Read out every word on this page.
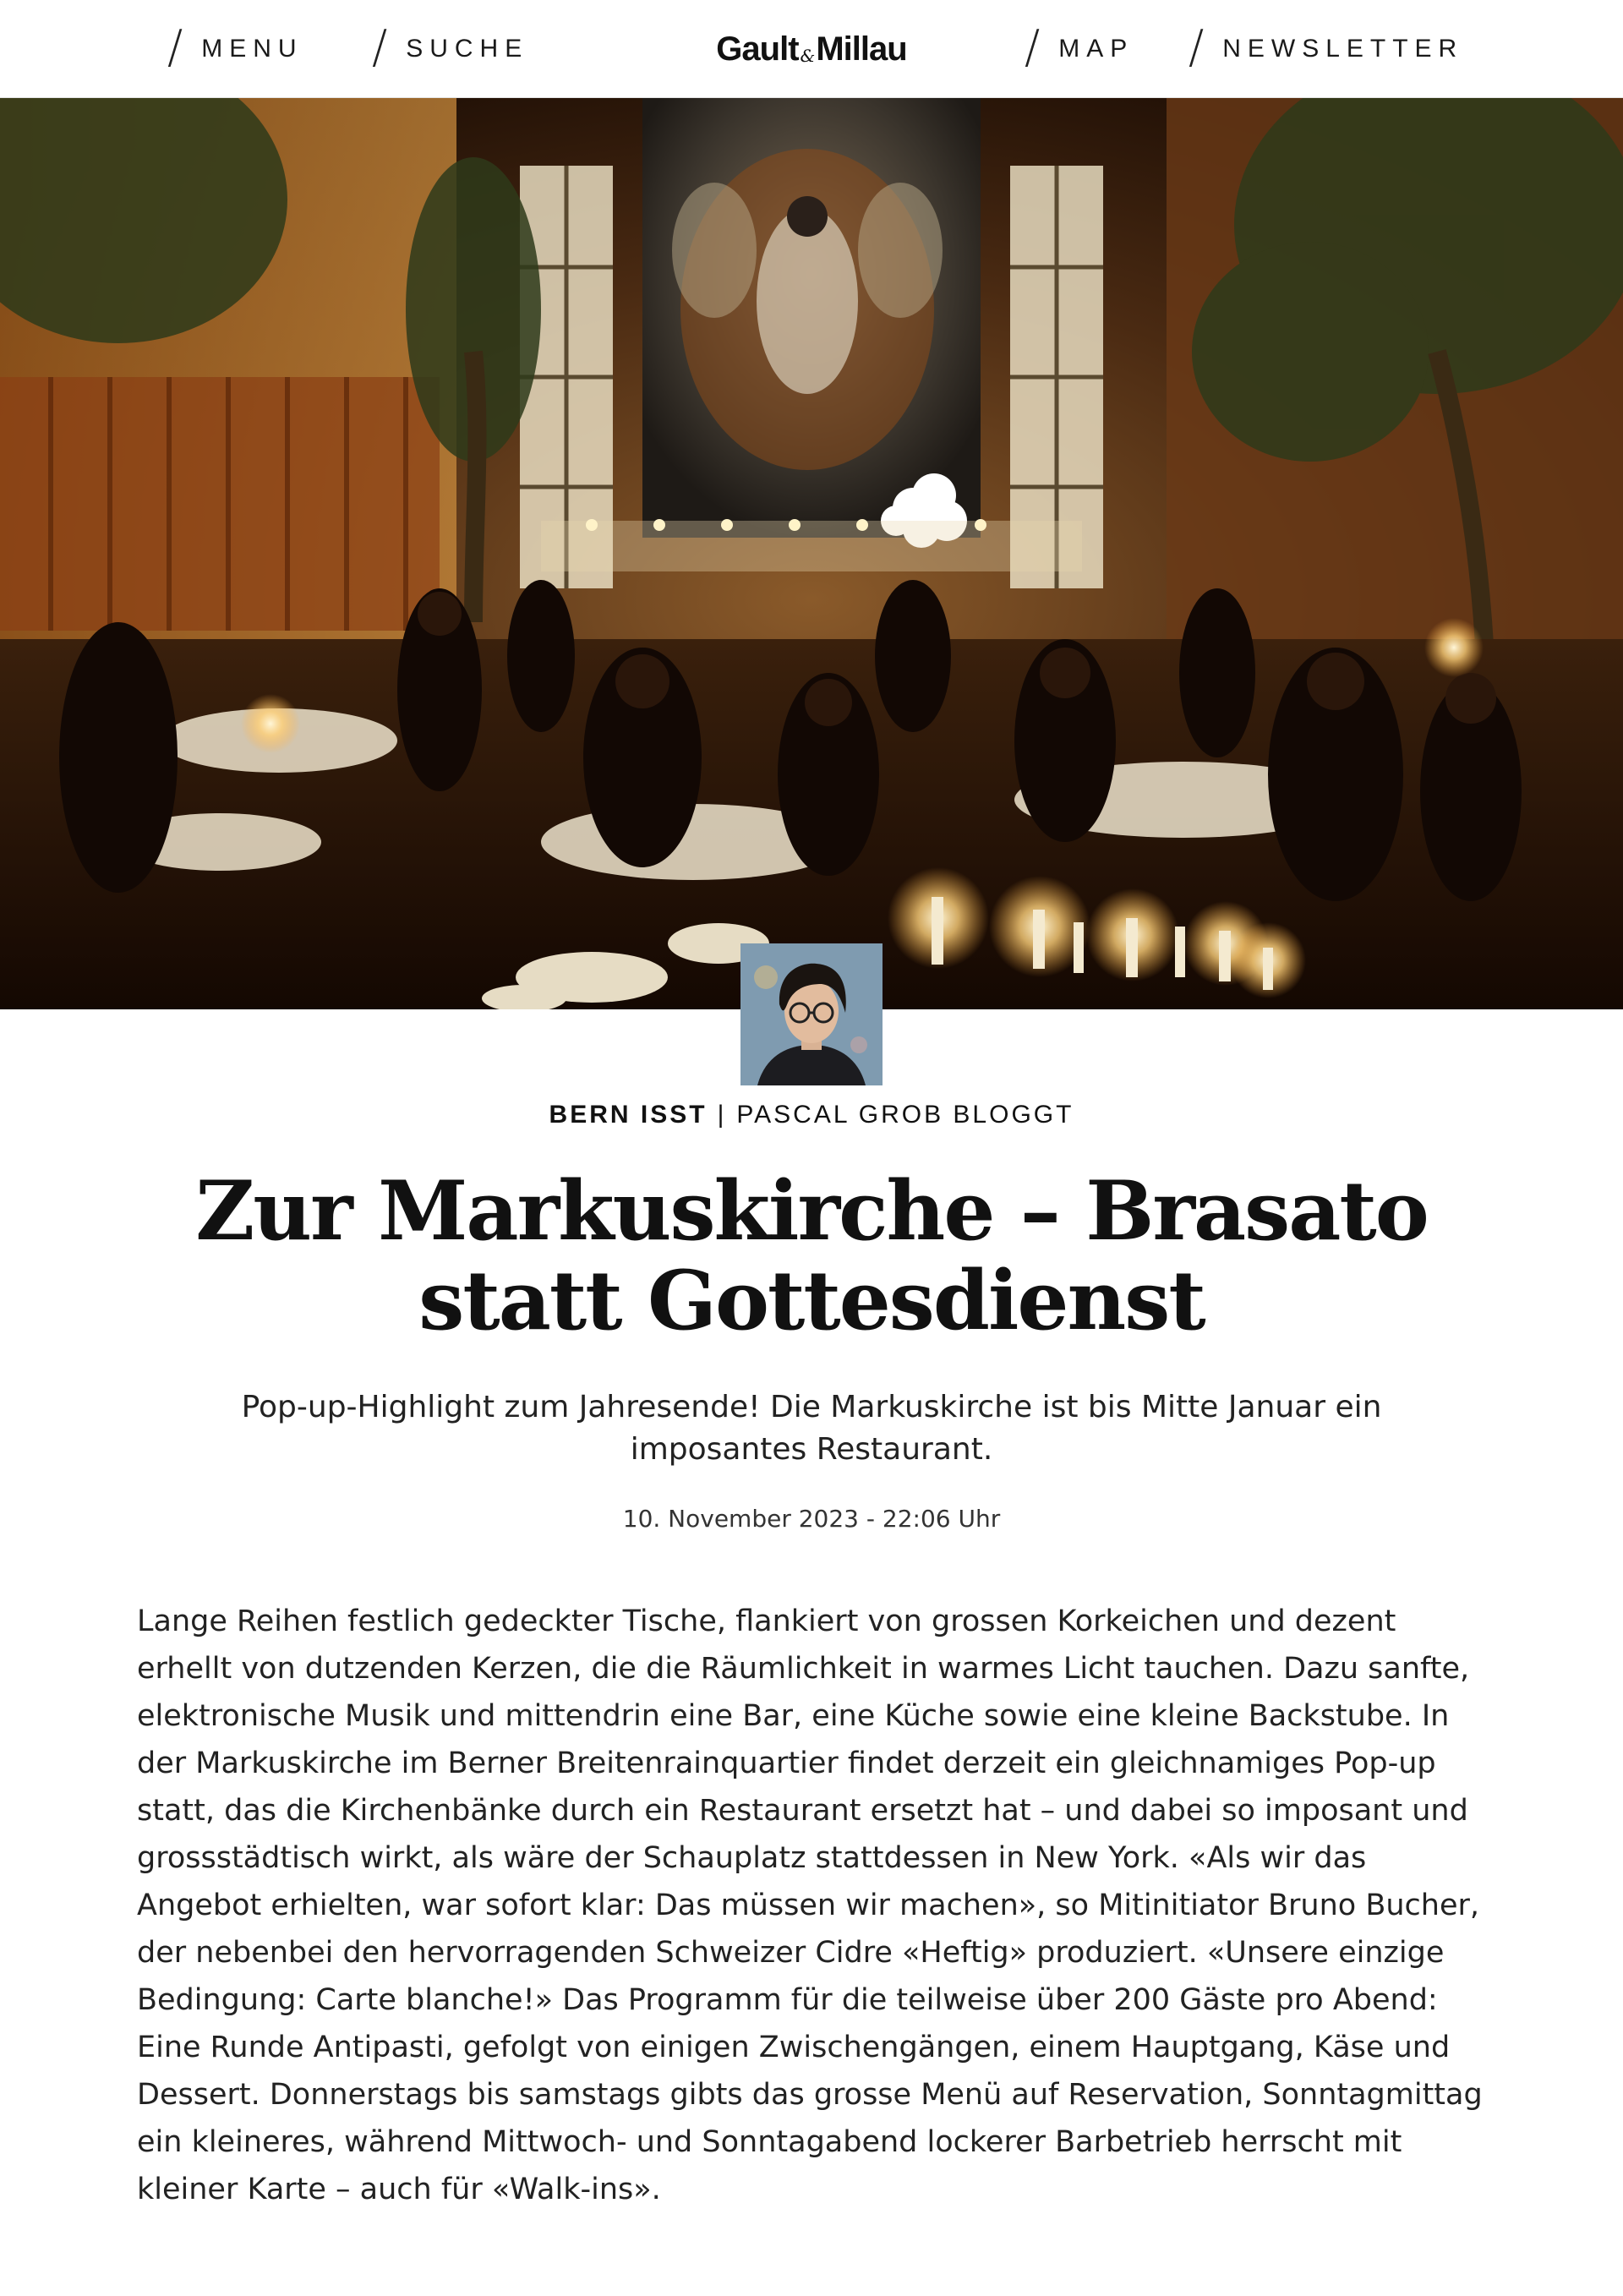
/ MENU / SUCHE	Gault & Millau	/ MAP / NEWSLETTER
BERN ISST | PASCAL GROB BLOGGT
Zur Markuskirche – Brasato statt Gottesdienst

Pop-up-Highlight zum Jahresende! Die Markuskirche ist bis Mitte Januar ein imposantes Restaurant.

10. November 2023 - 22:06 Uhr

Lange Reihen festlich gedeckter Tische, flankiert von grossen Korkeichen und dezent erhellt von dutzenden Kerzen, die die Räumlichkeit in warmes Licht tauchen. Dazu sanfte, elektronische Musik und mittendrin eine Bar, eine Küche sowie eine kleine Backstube. In der Markuskirche im Berner Breitenrainquartier findet derzeit ein gleichnamiges Pop-up statt, das die Kirchenbänke durch ein Restaurant ersetzt hat – und dabei so imposant und grossstädtisch wirkt, als wäre der Schauplatz stattdessen in New York. «Als wir das Angebot erhielten, war sofort klar: Das müssen wir machen», so Mitinitiator Bruno Bucher, der nebenbei den hervorragenden Schweizer Cidre «Heftig» produziert. «Unsere einzige Bedingung: Carte blanche!» Das Programm für die teilweise über 200 Gäste pro Abend: Eine Runde Antipasti, gefolgt von einigen Zwischengängen, einem Hauptgang, Käse und Dessert. Donnerstags bis samstags gibts das grosse Menü auf Reservation, Sonntagmittag ein kleineres, während Mittwoch- und Sonntagabend lockerer Barbetrieb herrscht mit kleiner Karte – auch für «Walk-ins».
